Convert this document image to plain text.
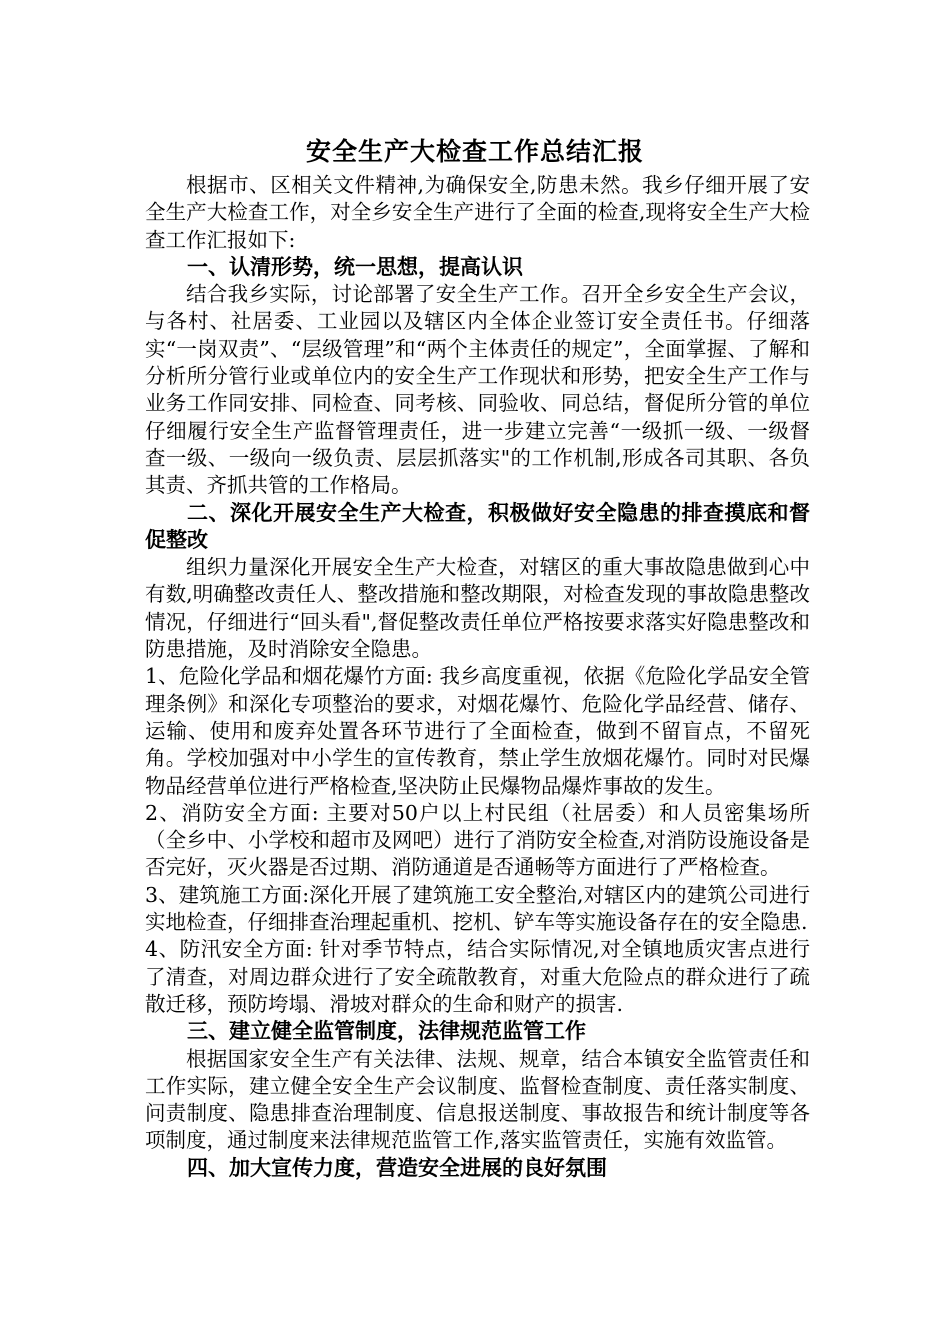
安全生产大检查工作总结汇报

根据市、区相关文件精神,为确保安全,防患未然。我乡仔细开展了安全生产大检查工作，对全乡安全生产进行了全面的检查,现将安全生产大检查工作汇报如下:

一、认清形势，统一思想，提高认识

结合我乡实际，讨论部署了安全生产工作。召开全乡安全生产会议，与各村、社居委、工业园以及辖区内全体企业签订安全责任书。仔细落实“一岗双责”、“层级管理”和“两个主体责任的规定”，全面掌握、了解和分析所分管行业或单位内的安全生产工作现状和形势，把安全生产工作与业务工作同安排、同检查、同考核、同验收、同总结，督促所分管的单位仔细履行安全生产监督管理责任，进一步建立完善“一级抓一级、一级督查一级、一级向一级负责、层层抓落实"的工作机制,形成各司其职、各负其责、齐抓共管的工作格局。

二、深化开展安全生产大检查，积极做好安全隐患的排查摸底和督促整改

组织力量深化开展安全生产大检查，对辖区的重大事故隐患做到心中有数,明确整改责任人、整改措施和整改期限，对检查发现的事故隐患整改情况，仔细进行“回头看",督促整改责任单位严格按要求落实好隐患整改和防患措施，及时消除安全隐患。

1、危险化学品和烟花爆竹方面: 我乡高度重视，依据《危险化学品安全管理条例》和深化专项整治的要求，对烟花爆竹、危险化学品经营、储存、运输、使用和废弃处置各环节进行了全面检查，做到不留盲点，不留死角。学校加强对中小学生的宣传教育，禁止学生放烟花爆竹。同时对民爆物品经营单位进行严格检查,坚决防止民爆物品爆炸事故的发生。

2、消防安全方面: 主要对50户以上村民组（社居委）和人员密集场所（全乡中、小学校和超市及网吧）进行了消防安全检查,对消防设施设备是否完好，灭火器是否过期、消防通道是否通畅等方面进行了严格检查。

3、建筑施工方面:深化开展了建筑施工安全整治,对辖区内的建筑公司进行实地检查，仔细排查治理起重机、挖机、铲车等实施设备存在的安全隐患.

4、防汛安全方面: 针对季节特点，结合实际情况,对全镇地质灾害点进行了清查，对周边群众进行了安全疏散教育，对重大危险点的群众进行了疏散迁移，预防垮塌、滑坡对群众的生命和财产的损害.

三、建立健全监管制度，法律规范监管工作

根据国家安全生产有关法律、法规、规章，结合本镇安全监管责任和工作实际，建立健全安全生产会议制度、监督检查制度、责任落实制度、问责制度、隐患排查治理制度、信息报送制度、事故报告和统计制度等各项制度，通过制度来法律规范监管工作,落实监管责任，实施有效监管。

四、加大宣传力度，营造安全进展的良好氛围
